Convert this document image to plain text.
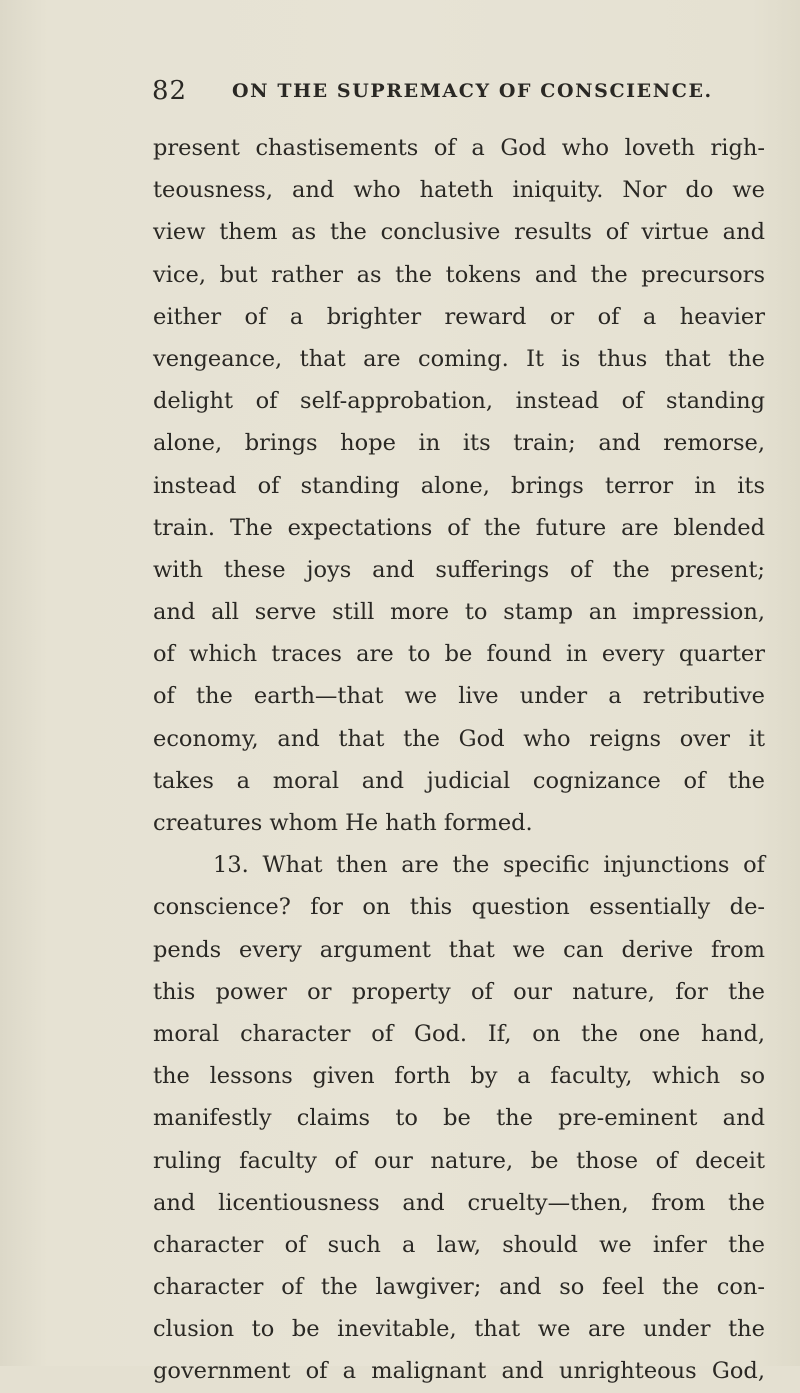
82 ON THE SUPREMACY OF CONSCIENCE.
present chastisements of a God who loveth righ-
teousness, and who hateth iniquity. Nor do we
view them as the conclusive results of virtue and
vice, but rather as the tokens and the precursors
either of a brighter reward or of a heavier
vengeance, that are coming. It is thus that the
delight of self-approbation, instead of standing
alone, brings hope in its train; and remorse,
instead of standing alone, brings terror in its
train. The expectations of the future are blended
with these joys and sufferings of the present;
and all serve still more to stamp an impression,
of which traces are to be found in every quarter
of the earth—that we live under a retributive
economy, and that the God who reigns over it
takes a moral and judicial cognizance of the
creatures whom He hath formed.
13. What then are the specific injunctions of
conscience? for on this question essentially de-
pends every argument that we can derive from
this power or property of our nature, for the
moral character of God. If, on the one hand,
the lessons given forth by a faculty, which so
manifestly claims to be the pre-eminent and
ruling faculty of our nature, be those of deceit
and licentiousness and cruelty—then, from the
character of such a law, should we infer the
character of the lawgiver; and so feel the con-
clusion to be inevitable, that we are under the
government of a malignant and unrighteous God,
